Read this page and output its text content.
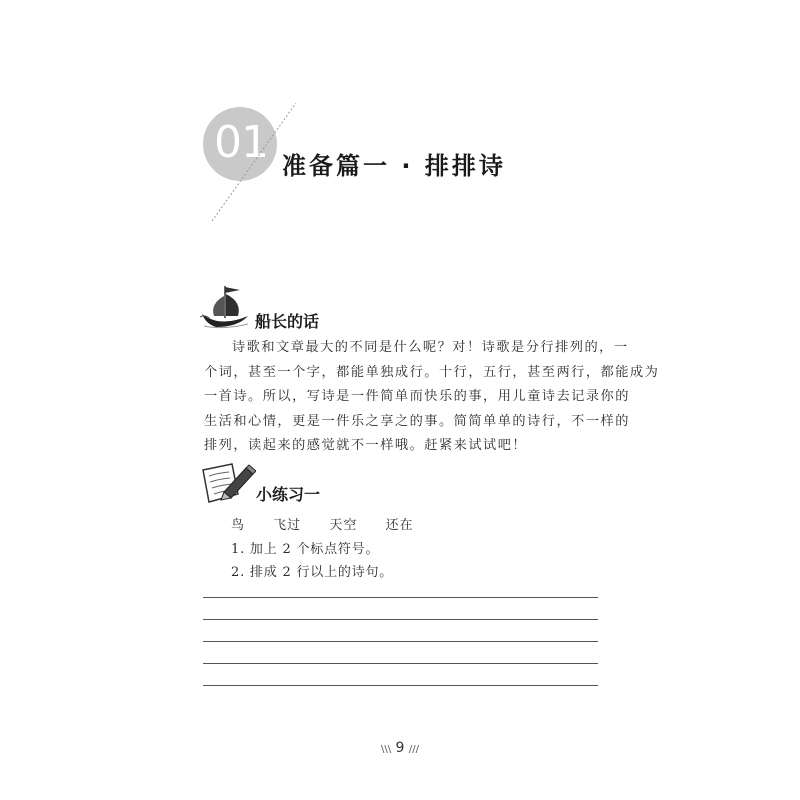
01 准备篇一 · 排排诗
船长的话
诗歌和文章最大的不同是什么呢？对！诗歌是分行排列的，一
个词，甚至一个字，都能单独成行。十行，五行，甚至两行，都能成为
一首诗。所以，写诗是一件简单而快乐的事，用儿童诗去记录你的
生活和心情，更是一件乐之享之的事。简简单单的诗行，不一样的
排列，读起来的感觉就不一样哦。赶紧来试试吧！
小练习一
鸟 飞过 天空 还在
1. 加上 2 个标点符号。
2. 排成 2 行以上的诗句。
\\\ 9 ///
